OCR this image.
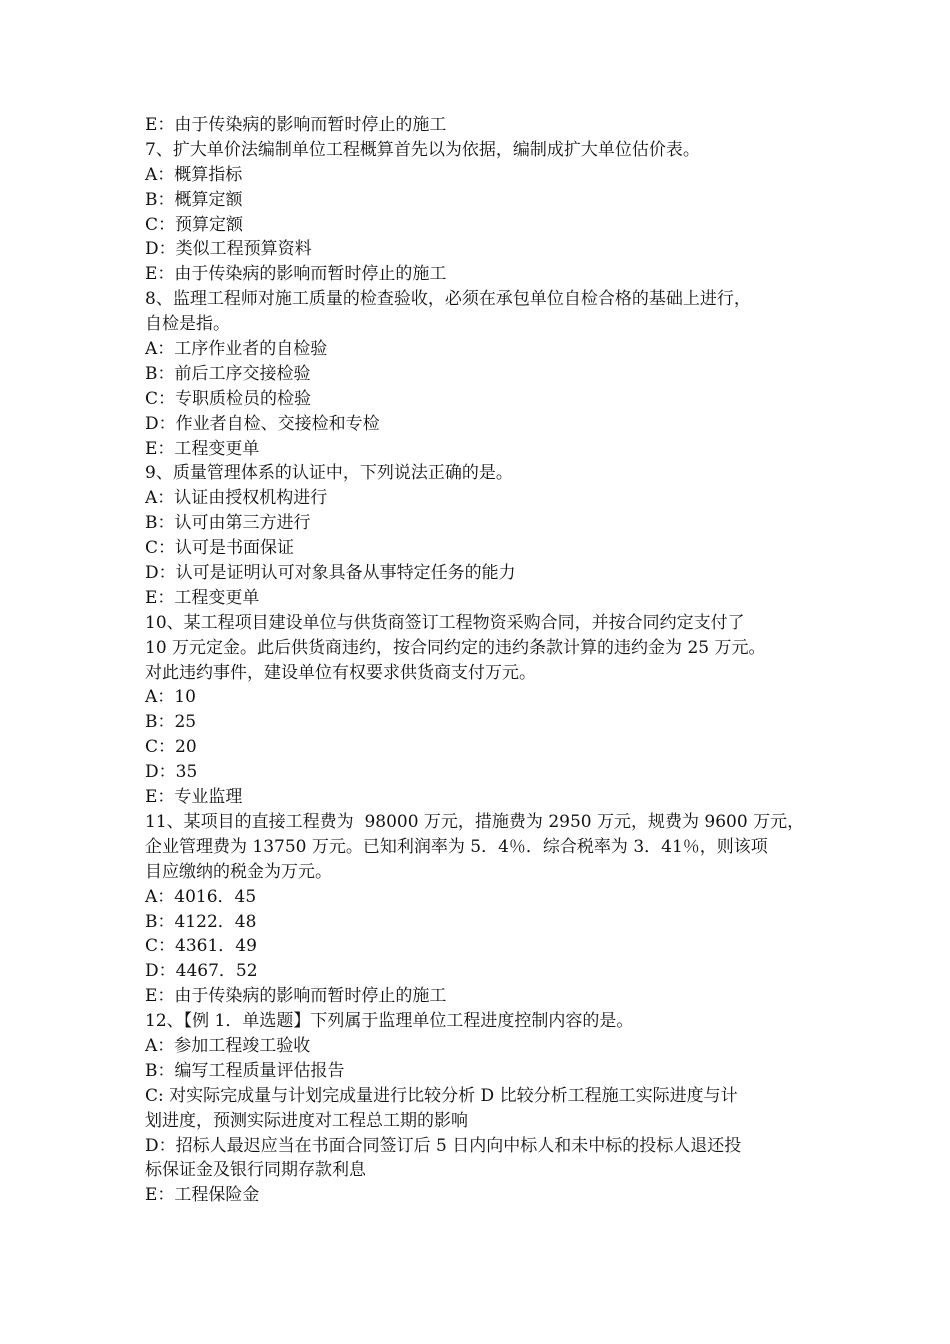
E：由于传染病的影响而暂时停止的施工
7、扩大单价法编制单位工程概算首先以为依据，编制成扩大单位估价表。
A：概算指标
B：概算定额
C：预算定额
D：类似工程预算资料
E：由于传染病的影响而暂时停止的施工
8、监理工程师对施工质量的检查验收，必须在承包单位自检合格的基础上进行，
自检是指。
A：工序作业者的自检验
B：前后工序交接检验
C：专职质检员的检验
D：作业者自检、交接检和专检
E：工程变更单
9、质量管理体系的认证中，下列说法正确的是。
A：认证由授权机构进行
B：认可由第三方进行
C：认可是书面保证
D：认可是证明认可对象具备从事特定任务的能力
E：工程变更单
10、某工程项目建设单位与供货商签订工程物资采购合同，并按合同约定支付了
10 万元定金。此后供货商违约，按合同约定的违约条款计算的违约金为 25 万元。
对此违约事件，建设单位有权要求供货商支付万元。
A：10
B：25
C：20
D：35
E：专业监理
11、某项目的直接工程费为  98000 万元，措施费为 2950 万元，规费为 9600 万元，
企业管理费为 13750 万元。已知利润率为 5．4％．综合税率为 3．41％，则该项
目应缴纳的税金为万元。
A：4016．45
B：4122．48
C：4361．49
D：4467．52
E：由于传染病的影响而暂时停止的施工
12、【例 1．单选题】下列属于监理单位工程进度控制内容的是。
A：参加工程竣工验收
B：编写工程质量评估报告
C: 对实际完成量与计划完成量进行比较分析 D 比较分析工程施工实际进度与计
划进度，预测实际进度对工程总工期的影响
D：招标人最迟应当在书面合同签订后 5 日内向中标人和未中标的投标人退还投
标保证金及银行同期存款利息
E：工程保险金
